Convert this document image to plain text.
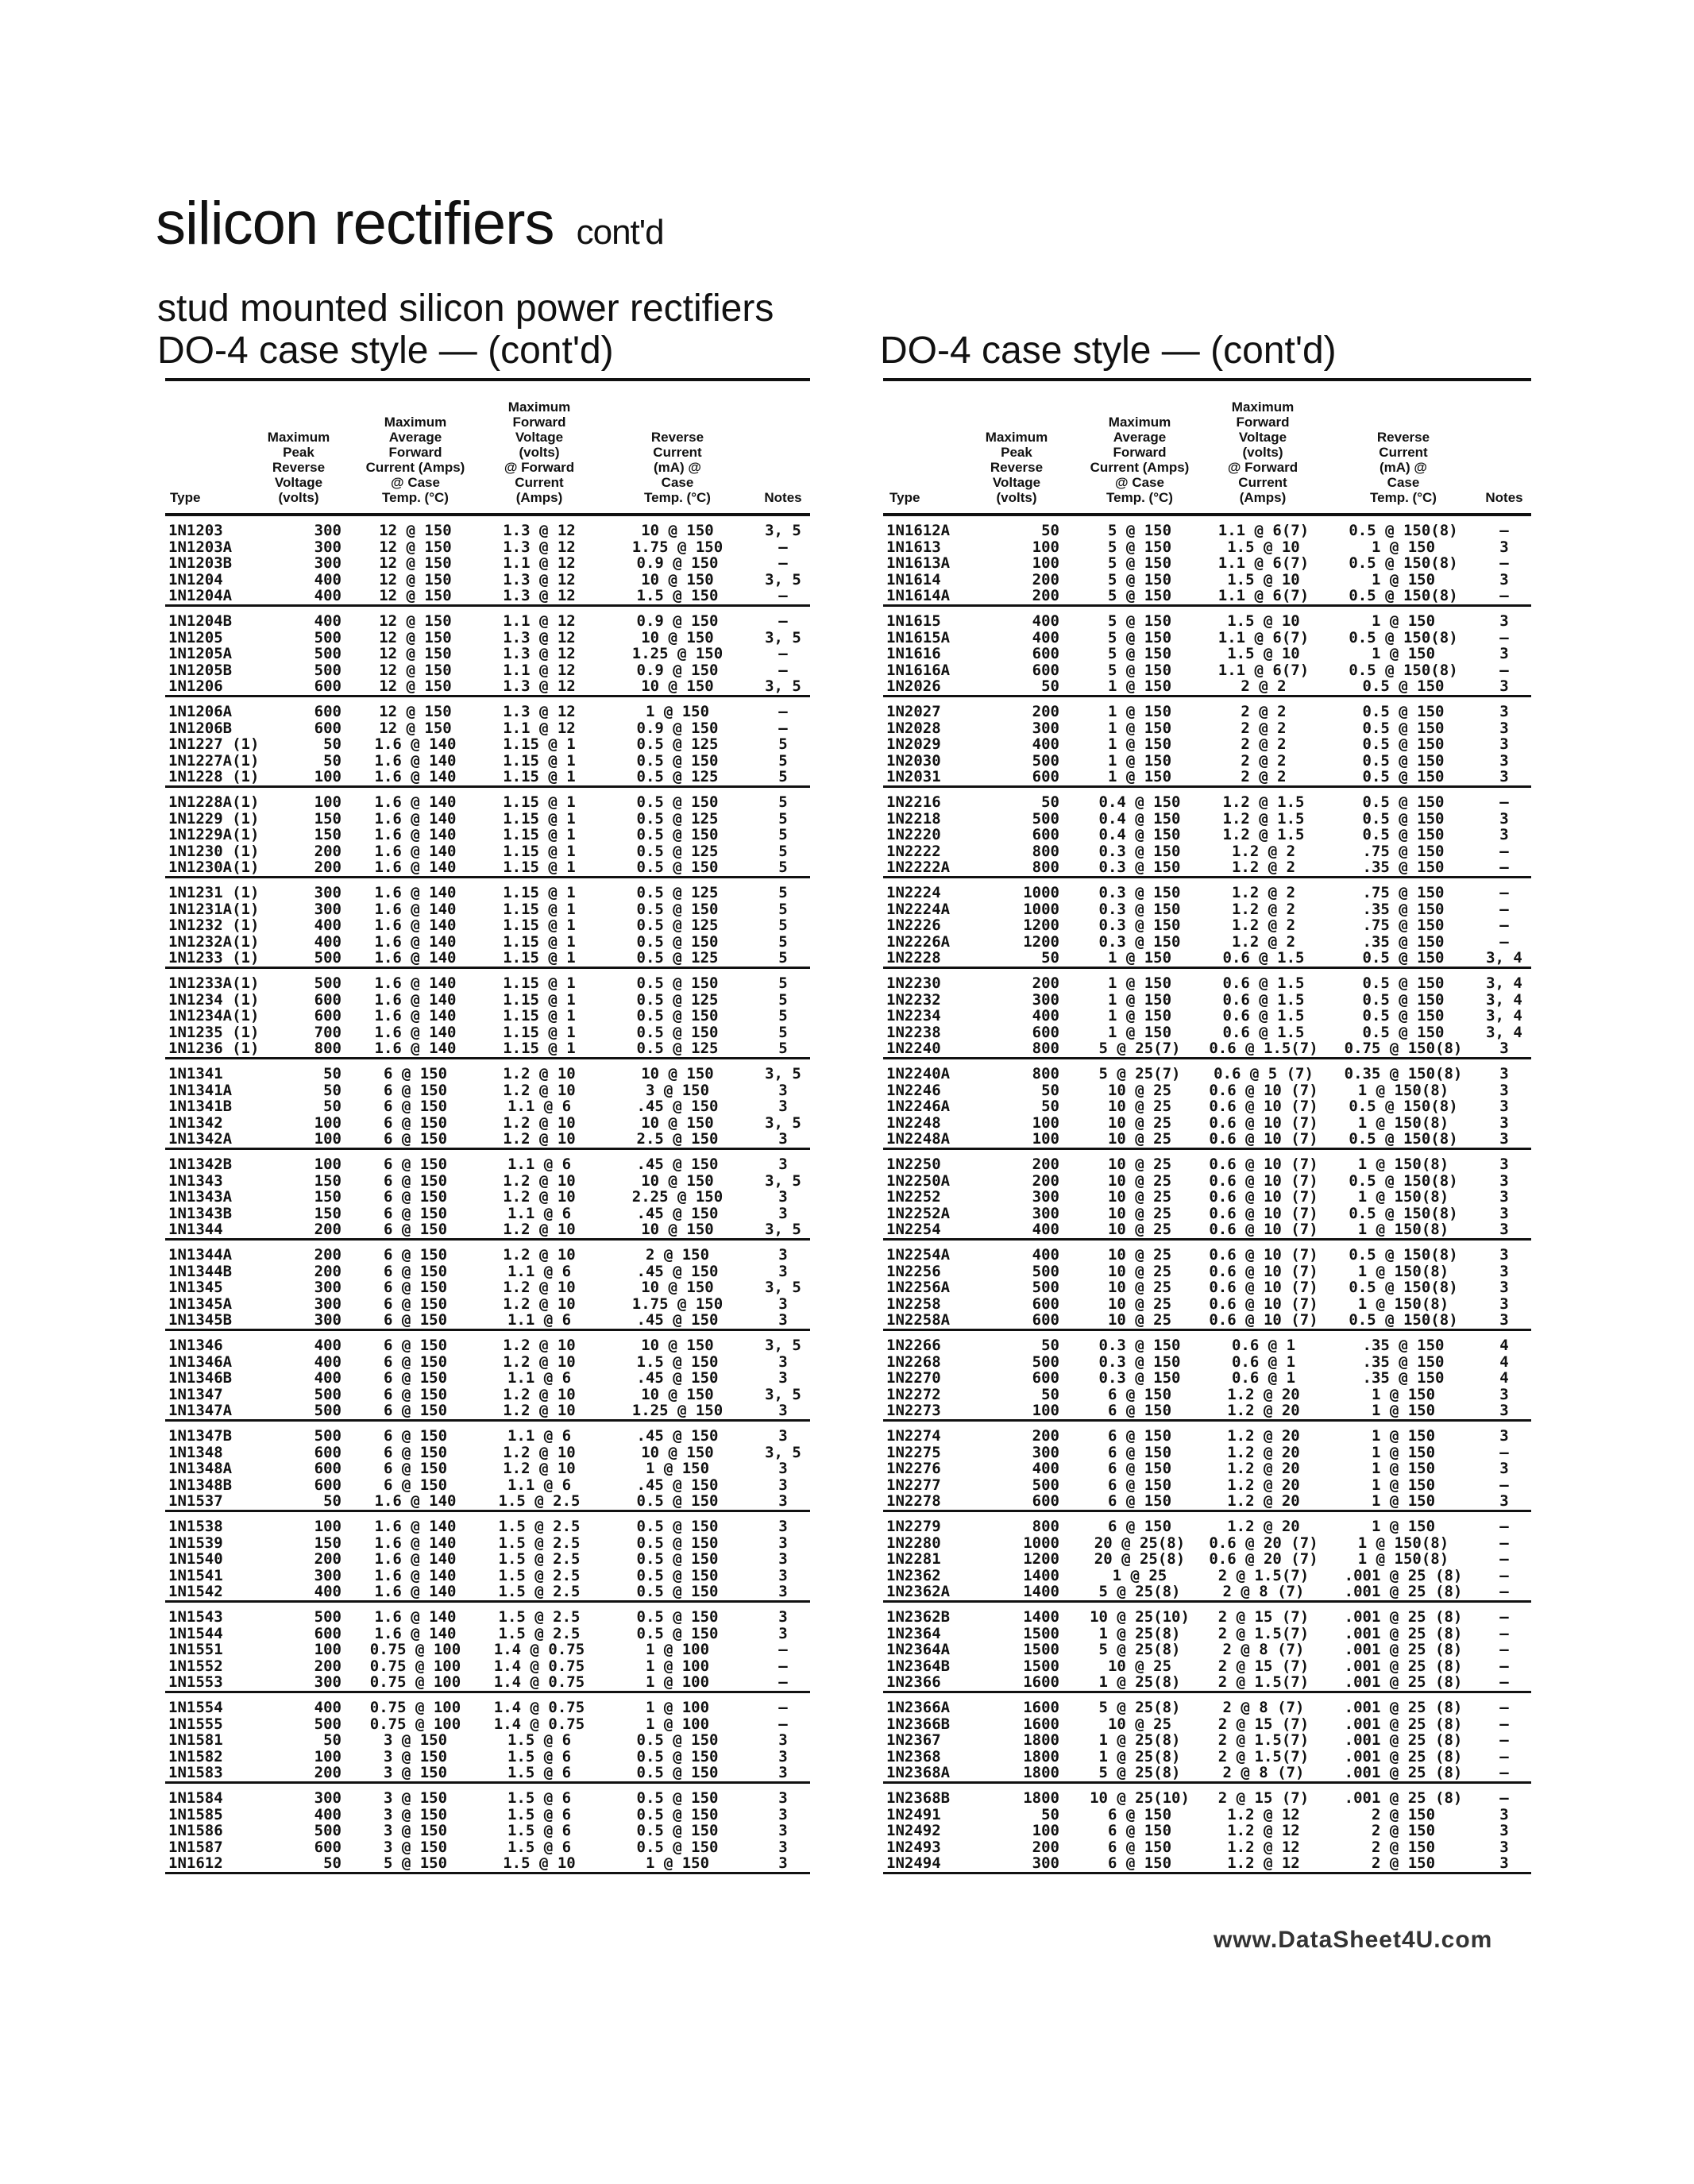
silicon rectifiers cont'd
stud mounted silicon power rectifiers
DO-4 case style — (cont'd)	DO-4 case style — (cont'd)
Type
Maximum
Peak
Reverse
Voltage
(volts)
Maximum
Average
Forward
Current (Amps)
@ Case
Temp. (°C)
Maximum
Forward
Voltage
(volts)
@ Forward
Current
(Amps)
Reverse
Current
(mA) @
Case
Temp. (°C)	Notes
1N1203	300	12 @ 150	1.3 @ 12	10 @ 150	3, 5
1N1203A	300	12 @ 150	1.3 @ 12	1.75 @ 150	—
1N1203B	300	12 @ 150	1.1 @ 12	0.9 @ 150	—
1N1204	400	12 @ 150	1.3 @ 12	10 @ 150	3, 5
1N1204A	400	12 @ 150	1.3 @ 12	1.5 @ 150	—
1N1204B	400	12 @ 150	1.1 @ 12	0.9 @ 150	—
1N1205	500	12 @ 150	1.3 @ 12	10 @ 150	3, 5
1N1205A	500	12 @ 150	1.3 @ 12	1.25 @ 150	—
1N1205B	500	12 @ 150	1.1 @ 12	0.9 @ 150	—
1N1206	600	12 @ 150	1.3 @ 12	10 @ 150	3, 5
1N1206A	600	12 @ 150	1.3 @ 12	1 @ 150	—
1N1206B	600	12 @ 150	1.1 @ 12	0.9 @ 150	—
1N1227 (1)	50	1.6 @ 140	1.15 @ 1	0.5 @ 125	5
1N1227A(1)	50	1.6 @ 140	1.15 @ 1	0.5 @ 150	5
1N1228 (1)	100	1.6 @ 140	1.15 @ 1	0.5 @ 125	5
1N1228A(1)	100	1.6 @ 140	1.15 @ 1	0.5 @ 150	5
1N1229 (1)	150	1.6 @ 140	1.15 @ 1	0.5 @ 125	5
1N1229A(1)	150	1.6 @ 140	1.15 @ 1	0.5 @ 150	5
1N1230 (1)	200	1.6 @ 140	1.15 @ 1	0.5 @ 125	5
1N1230A(1)	200	1.6 @ 140	1.15 @ 1	0.5 @ 150	5
1N1231 (1)	300	1.6 @ 140	1.15 @ 1	0.5 @ 125	5
1N1231A(1)	300	1.6 @ 140	1.15 @ 1	0.5 @ 150	5
1N1232 (1)	400	1.6 @ 140	1.15 @ 1	0.5 @ 125	5
1N1232A(1)	400	1.6 @ 140	1.15 @ 1	0.5 @ 150	5
1N1233 (1)	500	1.6 @ 140	1.15 @ 1	0.5 @ 125	5
1N1233A(1)	500	1.6 @ 140	1.15 @ 1	0.5 @ 150	5
1N1234 (1)	600	1.6 @ 140	1.15 @ 1	0.5 @ 125	5
1N1234A(1)	600	1.6 @ 140	1.15 @ 1	0.5 @ 150	5
1N1235 (1)	700	1.6 @ 140	1.15 @ 1	0.5 @ 150	5
1N1236 (1)	800	1.6 @ 140	1.15 @ 1	0.5 @ 125	5
1N1341	50	6 @ 150	1.2 @ 10	10 @ 150	3, 5
1N1341A	50	6 @ 150	1.2 @ 10	3 @ 150	3
1N1341B	50	6 @ 150	1.1 @ 6	.45 @ 150	3
1N1342	100	6 @ 150	1.2 @ 10	10 @ 150	3, 5
1N1342A	100	6 @ 150	1.2 @ 10	2.5 @ 150	3
1N1342B	100	6 @ 150	1.1 @ 6	.45 @ 150	3
1N1343	150	6 @ 150	1.2 @ 10	10 @ 150	3, 5
1N1343A	150	6 @ 150	1.2 @ 10	2.25 @ 150	3
1N1343B	150	6 @ 150	1.1 @ 6	.45 @ 150	3
1N1344	200	6 @ 150	1.2 @ 10	10 @ 150	3, 5
1N1344A	200	6 @ 150	1.2 @ 10	2 @ 150	3
1N1344B	200	6 @ 150	1.1 @ 6	.45 @ 150	3
1N1345	300	6 @ 150	1.2 @ 10	10 @ 150	3, 5
1N1345A	300	6 @ 150	1.2 @ 10	1.75 @ 150	3
1N1345B	300	6 @ 150	1.1 @ 6	.45 @ 150	3
1N1346	400	6 @ 150	1.2 @ 10	10 @ 150	3, 5
1N1346A	400	6 @ 150	1.2 @ 10	1.5 @ 150	3
1N1346B	400	6 @ 150	1.1 @ 6	.45 @ 150	3
1N1347	500	6 @ 150	1.2 @ 10	10 @ 150	3, 5
1N1347A	500	6 @ 150	1.2 @ 10	1.25 @ 150	3
1N1347B	500	6 @ 150	1.1 @ 6	.45 @ 150	3
1N1348	600	6 @ 150	1.2 @ 10	10 @ 150	3, 5
1N1348A	600	6 @ 150	1.2 @ 10	1 @ 150	3
1N1348B	600	6 @ 150	1.1 @ 6	.45 @ 150	3
1N1537	50	1.6 @ 140	1.5 @ 2.5	0.5 @ 150	3
1N1538	100	1.6 @ 140	1.5 @ 2.5	0.5 @ 150	3
1N1539	150	1.6 @ 140	1.5 @ 2.5	0.5 @ 150	3
1N1540	200	1.6 @ 140	1.5 @ 2.5	0.5 @ 150	3
1N1541	300	1.6 @ 140	1.5 @ 2.5	0.5 @ 150	3
1N1542	400	1.6 @ 140	1.5 @ 2.5	0.5 @ 150	3
1N1543	500	1.6 @ 140	1.5 @ 2.5	0.5 @ 150	3
1N1544	600	1.6 @ 140	1.5 @ 2.5	0.5 @ 150	3
1N1551	100	0.75 @ 100	1.4 @ 0.75	1 @ 100	—
1N1552	200	0.75 @ 100	1.4 @ 0.75	1 @ 100	—
1N1553	300	0.75 @ 100	1.4 @ 0.75	1 @ 100	—
1N1554	400	0.75 @ 100	1.4 @ 0.75	1 @ 100	—
1N1555	500	0.75 @ 100	1.4 @ 0.75	1 @ 100	—
1N1581	50	3 @ 150	1.5 @ 6	0.5 @ 150	3
1N1582	100	3 @ 150	1.5 @ 6	0.5 @ 150	3
1N1583	200	3 @ 150	1.5 @ 6	0.5 @ 150	3
1N1584	300	3 @ 150	1.5 @ 6	0.5 @ 150	3
1N1585	400	3 @ 150	1.5 @ 6	0.5 @ 150	3
1N1586	500	3 @ 150	1.5 @ 6	0.5 @ 150	3
1N1587	600	3 @ 150	1.5 @ 6	0.5 @ 150	3
1N1612	50	5 @ 150	1.5 @ 10	1 @ 150	3
Type
Maximum
Peak
Reverse
Voltage
(volts)
Maximum
Average
Forward
Current (Amps)
@ Case
Temp. (°C)
Maximum
Forward
Voltage
(volts)
@ Forward
Current
(Amps)
Reverse
Current
(mA) @
Case
Temp. (°C)	Notes
1N1612A	50	5 @ 150	1.1 @ 6(7)	0.5 @ 150(8)	—
1N1613	100	5 @ 150	1.5 @ 10	1 @ 150	3
1N1613A	100	5 @ 150	1.1 @ 6(7)	0.5 @ 150(8)	—
1N1614	200	5 @ 150	1.5 @ 10	1 @ 150	3
1N1614A	200	5 @ 150	1.1 @ 6(7)	0.5 @ 150(8)	—
1N1615	400	5 @ 150	1.5 @ 10	1 @ 150	3
1N1615A	400	5 @ 150	1.1 @ 6(7)	0.5 @ 150(8)	—
1N1616	600	5 @ 150	1.5 @ 10	1 @ 150	3
1N1616A	600	5 @ 150	1.1 @ 6(7)	0.5 @ 150(8)	—
1N2026	50	1 @ 150	2 @ 2	0.5 @ 150	3
1N2027	200	1 @ 150	2 @ 2	0.5 @ 150	3
1N2028	300	1 @ 150	2 @ 2	0.5 @ 150	3
1N2029	400	1 @ 150	2 @ 2	0.5 @ 150	3
1N2030	500	1 @ 150	2 @ 2	0.5 @ 150	3
1N2031	600	1 @ 150	2 @ 2	0.5 @ 150	3
1N2216	50	0.4 @ 150	1.2 @ 1.5	0.5 @ 150	—
1N2218	500	0.4 @ 150	1.2 @ 1.5	0.5 @ 150	3
1N2220	600	0.4 @ 150	1.2 @ 1.5	0.5 @ 150	3
1N2222	800	0.3 @ 150	1.2 @ 2	.75 @ 150	—
1N2222A	800	0.3 @ 150	1.2 @ 2	.35 @ 150	—
1N2224	1000	0.3 @ 150	1.2 @ 2	.75 @ 150	—
1N2224A	1000	0.3 @ 150	1.2 @ 2	.35 @ 150	—
1N2226	1200	0.3 @ 150	1.2 @ 2	.75 @ 150	—
1N2226A	1200	0.3 @ 150	1.2 @ 2	.35 @ 150	—
1N2228	50	1 @ 150	0.6 @ 1.5	0.5 @ 150	3, 4
1N2230	200	1 @ 150	0.6 @ 1.5	0.5 @ 150	3, 4
1N2232	300	1 @ 150	0.6 @ 1.5	0.5 @ 150	3, 4
1N2234	400	1 @ 150	0.6 @ 1.5	0.5 @ 150	3, 4
1N2238	600	1 @ 150	0.6 @ 1.5	0.5 @ 150	3, 4
1N2240	800	5 @ 25(7)	0.6 @ 1.5(7)	0.75 @ 150(8)	3
1N2240A	800	5 @ 25(7)	0.6 @ 5 (7)	0.35 @ 150(8)	3
1N2246	50	10 @ 25	0.6 @ 10 (7)	1 @ 150(8)	3
1N2246A	50	10 @ 25	0.6 @ 10 (7)	0.5 @ 150(8)	3
1N2248	100	10 @ 25	0.6 @ 10 (7)	1 @ 150(8)	3
1N2248A	100	10 @ 25	0.6 @ 10 (7)	0.5 @ 150(8)	3
1N2250	200	10 @ 25	0.6 @ 10 (7)	1 @ 150(8)	3
1N2250A	200	10 @ 25	0.6 @ 10 (7)	0.5 @ 150(8)	3
1N2252	300	10 @ 25	0.6 @ 10 (7)	1 @ 150(8)	3
1N2252A	300	10 @ 25	0.6 @ 10 (7)	0.5 @ 150(8)	3
1N2254	400	10 @ 25	0.6 @ 10 (7)	1 @ 150(8)	3
1N2254A	400	10 @ 25	0.6 @ 10 (7)	0.5 @ 150(8)	3
1N2256	500	10 @ 25	0.6 @ 10 (7)	1 @ 150(8)	3
1N2256A	500	10 @ 25	0.6 @ 10 (7)	0.5 @ 150(8)	3
1N2258	600	10 @ 25	0.6 @ 10 (7)	1 @ 150(8)	3
1N2258A	600	10 @ 25	0.6 @ 10 (7)	0.5 @ 150(8)	3
1N2266	50	0.3 @ 150	0.6 @ 1	.35 @ 150	4
1N2268	500	0.3 @ 150	0.6 @ 1	.35 @ 150	4
1N2270	600	0.3 @ 150	0.6 @ 1	.35 @ 150	4
1N2272	50	6 @ 150	1.2 @ 20	1 @ 150	3
1N2273	100	6 @ 150	1.2 @ 20	1 @ 150	3
1N2274	200	6 @ 150	1.2 @ 20	1 @ 150	3
1N2275	300	6 @ 150	1.2 @ 20	1 @ 150	—
1N2276	400	6 @ 150	1.2 @ 20	1 @ 150	3
1N2277	500	6 @ 150	1.2 @ 20	1 @ 150	—
1N2278	600	6 @ 150	1.2 @ 20	1 @ 150	3
1N2279	800	6 @ 150	1.2 @ 20	1 @ 150	—
1N2280	1000	20 @ 25(8)	0.6 @ 20 (7)	1 @ 150(8)	—
1N2281	1200	20 @ 25(8)	0.6 @ 20 (7)	1 @ 150(8)	—
1N2362	1400	1 @ 25	2 @ 1.5(7)	.001 @ 25 (8)	—
1N2362A	1400	5 @ 25(8)	2 @ 8 (7)	.001 @ 25 (8)	—
1N2362B	1400	10 @ 25(10)	2 @ 15 (7)	.001 @ 25 (8)	—
1N2364	1500	1 @ 25(8)	2 @ 1.5(7)	.001 @ 25 (8)	—
1N2364A	1500	5 @ 25(8)	2 @ 8 (7)	.001 @ 25 (8)	—
1N2364B	1500	10 @ 25	2 @ 15 (7)	.001 @ 25 (8)	—
1N2366	1600	1 @ 25(8)	2 @ 1.5(7)	.001 @ 25 (8)	—
1N2366A	1600	5 @ 25(8)	2 @ 8 (7)	.001 @ 25 (8)	—
1N2366B	1600	10 @ 25	2 @ 15 (7)	.001 @ 25 (8)	—
1N2367	1800	1 @ 25(8)	2 @ 1.5(7)	.001 @ 25 (8)	—
1N2368	1800	1 @ 25(8)	2 @ 1.5(7)	.001 @ 25 (8)	—
1N2368A	1800	5 @ 25(8)	2 @ 8 (7)	.001 @ 25 (8)	—
1N2368B	1800	10 @ 25(10)	2 @ 15 (7)	.001 @ 25 (8)	—
1N2491	50	6 @ 150	1.2 @ 12	2 @ 150	3
1N2492	100	6 @ 150	1.2 @ 12	2 @ 150	3
1N2493	200	6 @ 150	1.2 @ 12	2 @ 150	3
1N2494	300	6 @ 150	1.2 @ 12	2 @ 150	3
www.DataSheet4U.com
